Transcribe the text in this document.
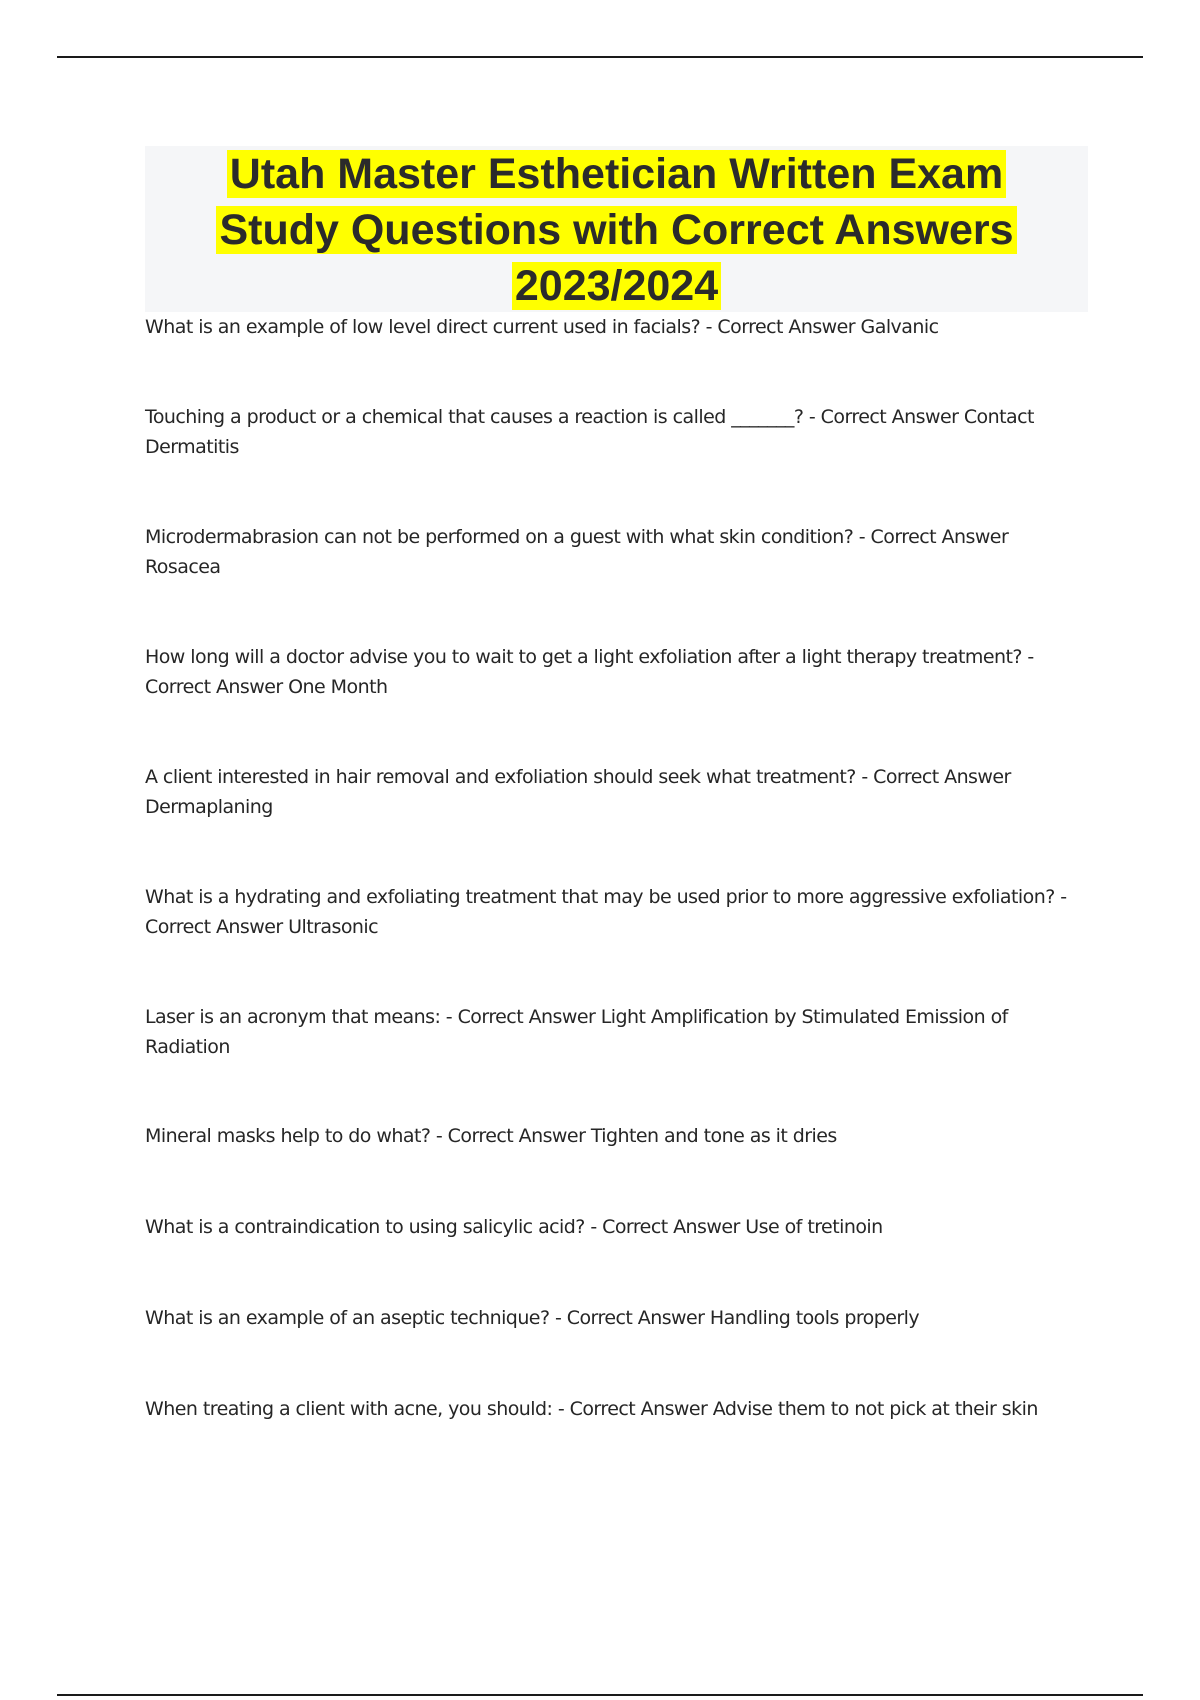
Utah Master Esthetician Written Exam
Study Questions with Correct Answers
2023/2024
What is an example of low level direct current used in facials? - Correct Answer Galvanic
Touching a product or a chemical that causes a reaction is called _______? - Correct Answer Contact Dermatitis
Microdermabrasion can not be performed on a guest with what skin condition? - Correct Answer Rosacea
How long will a doctor advise you to wait to get a light exfoliation after a light therapy treatment? - Correct Answer One Month
A client interested in hair removal and exfoliation should seek what treatment? - Correct Answer Dermaplaning
What is a hydrating and exfoliating treatment that may be used prior to more aggressive exfoliation? - Correct Answer Ultrasonic
Laser is an acronym that means: - Correct Answer Light Amplification by Stimulated Emission of Radiation
Mineral masks help to do what? - Correct Answer Tighten and tone as it dries
What is a contraindication to using salicylic acid? - Correct Answer Use of tretinoin
What is an example of an aseptic technique? - Correct Answer Handling tools properly
When treating a client with acne, you should: - Correct Answer Advise them to not pick at their skin
